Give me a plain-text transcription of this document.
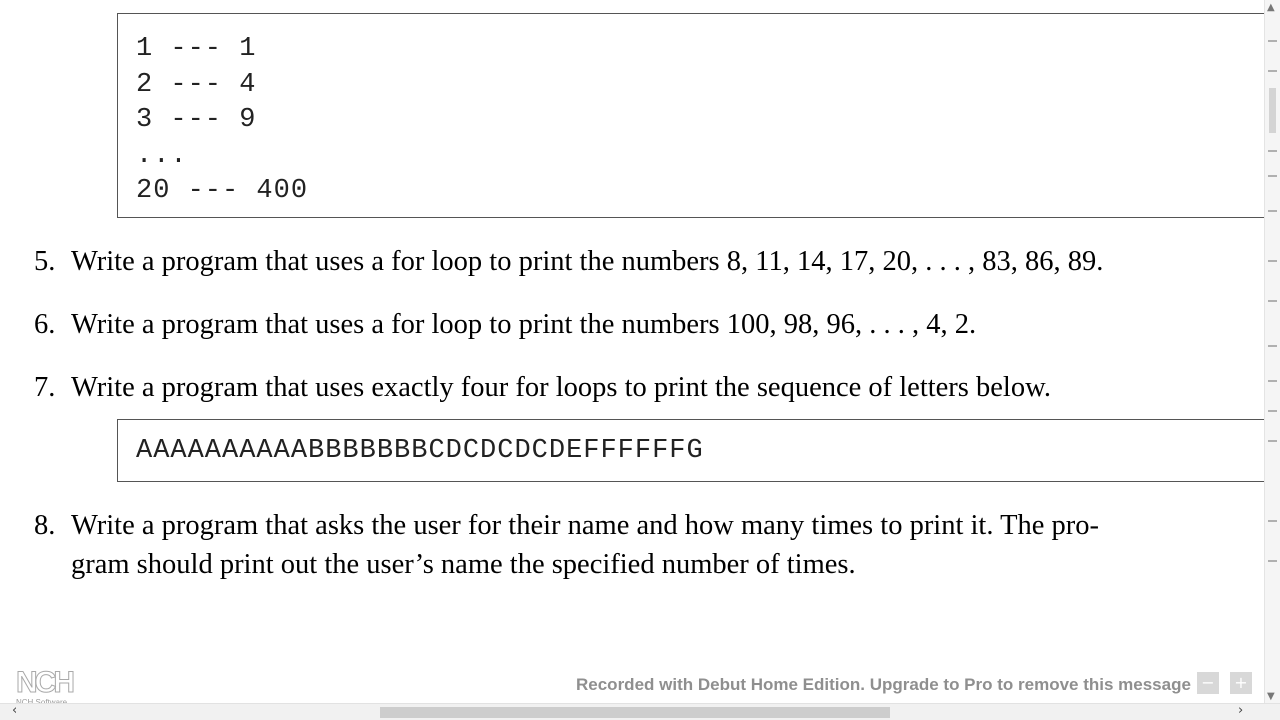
1 --- 1
2 --- 4
3 --- 9
...
20 --- 400
5. Write a program that uses a for loop to print the numbers 8, 11, 14, 17, 20, . . . , 83, 86, 89.
6. Write a program that uses a for loop to print the numbers 100, 98, 96, . . . , 4, 2.
7. Write a program that uses exactly four for loops to print the sequence of letters below.
AAAAAAAAAABBBBBBBCDCDCDCDEFFFFFFG
8. Write a program that asks the user for their name and how many times to print it. The pro-
gram should print out the user’s name the specified number of times.
▲
▼
NCH	Recorded with Debut Home Edition. Upgrade to Pro to remove this message − +
‹	›
